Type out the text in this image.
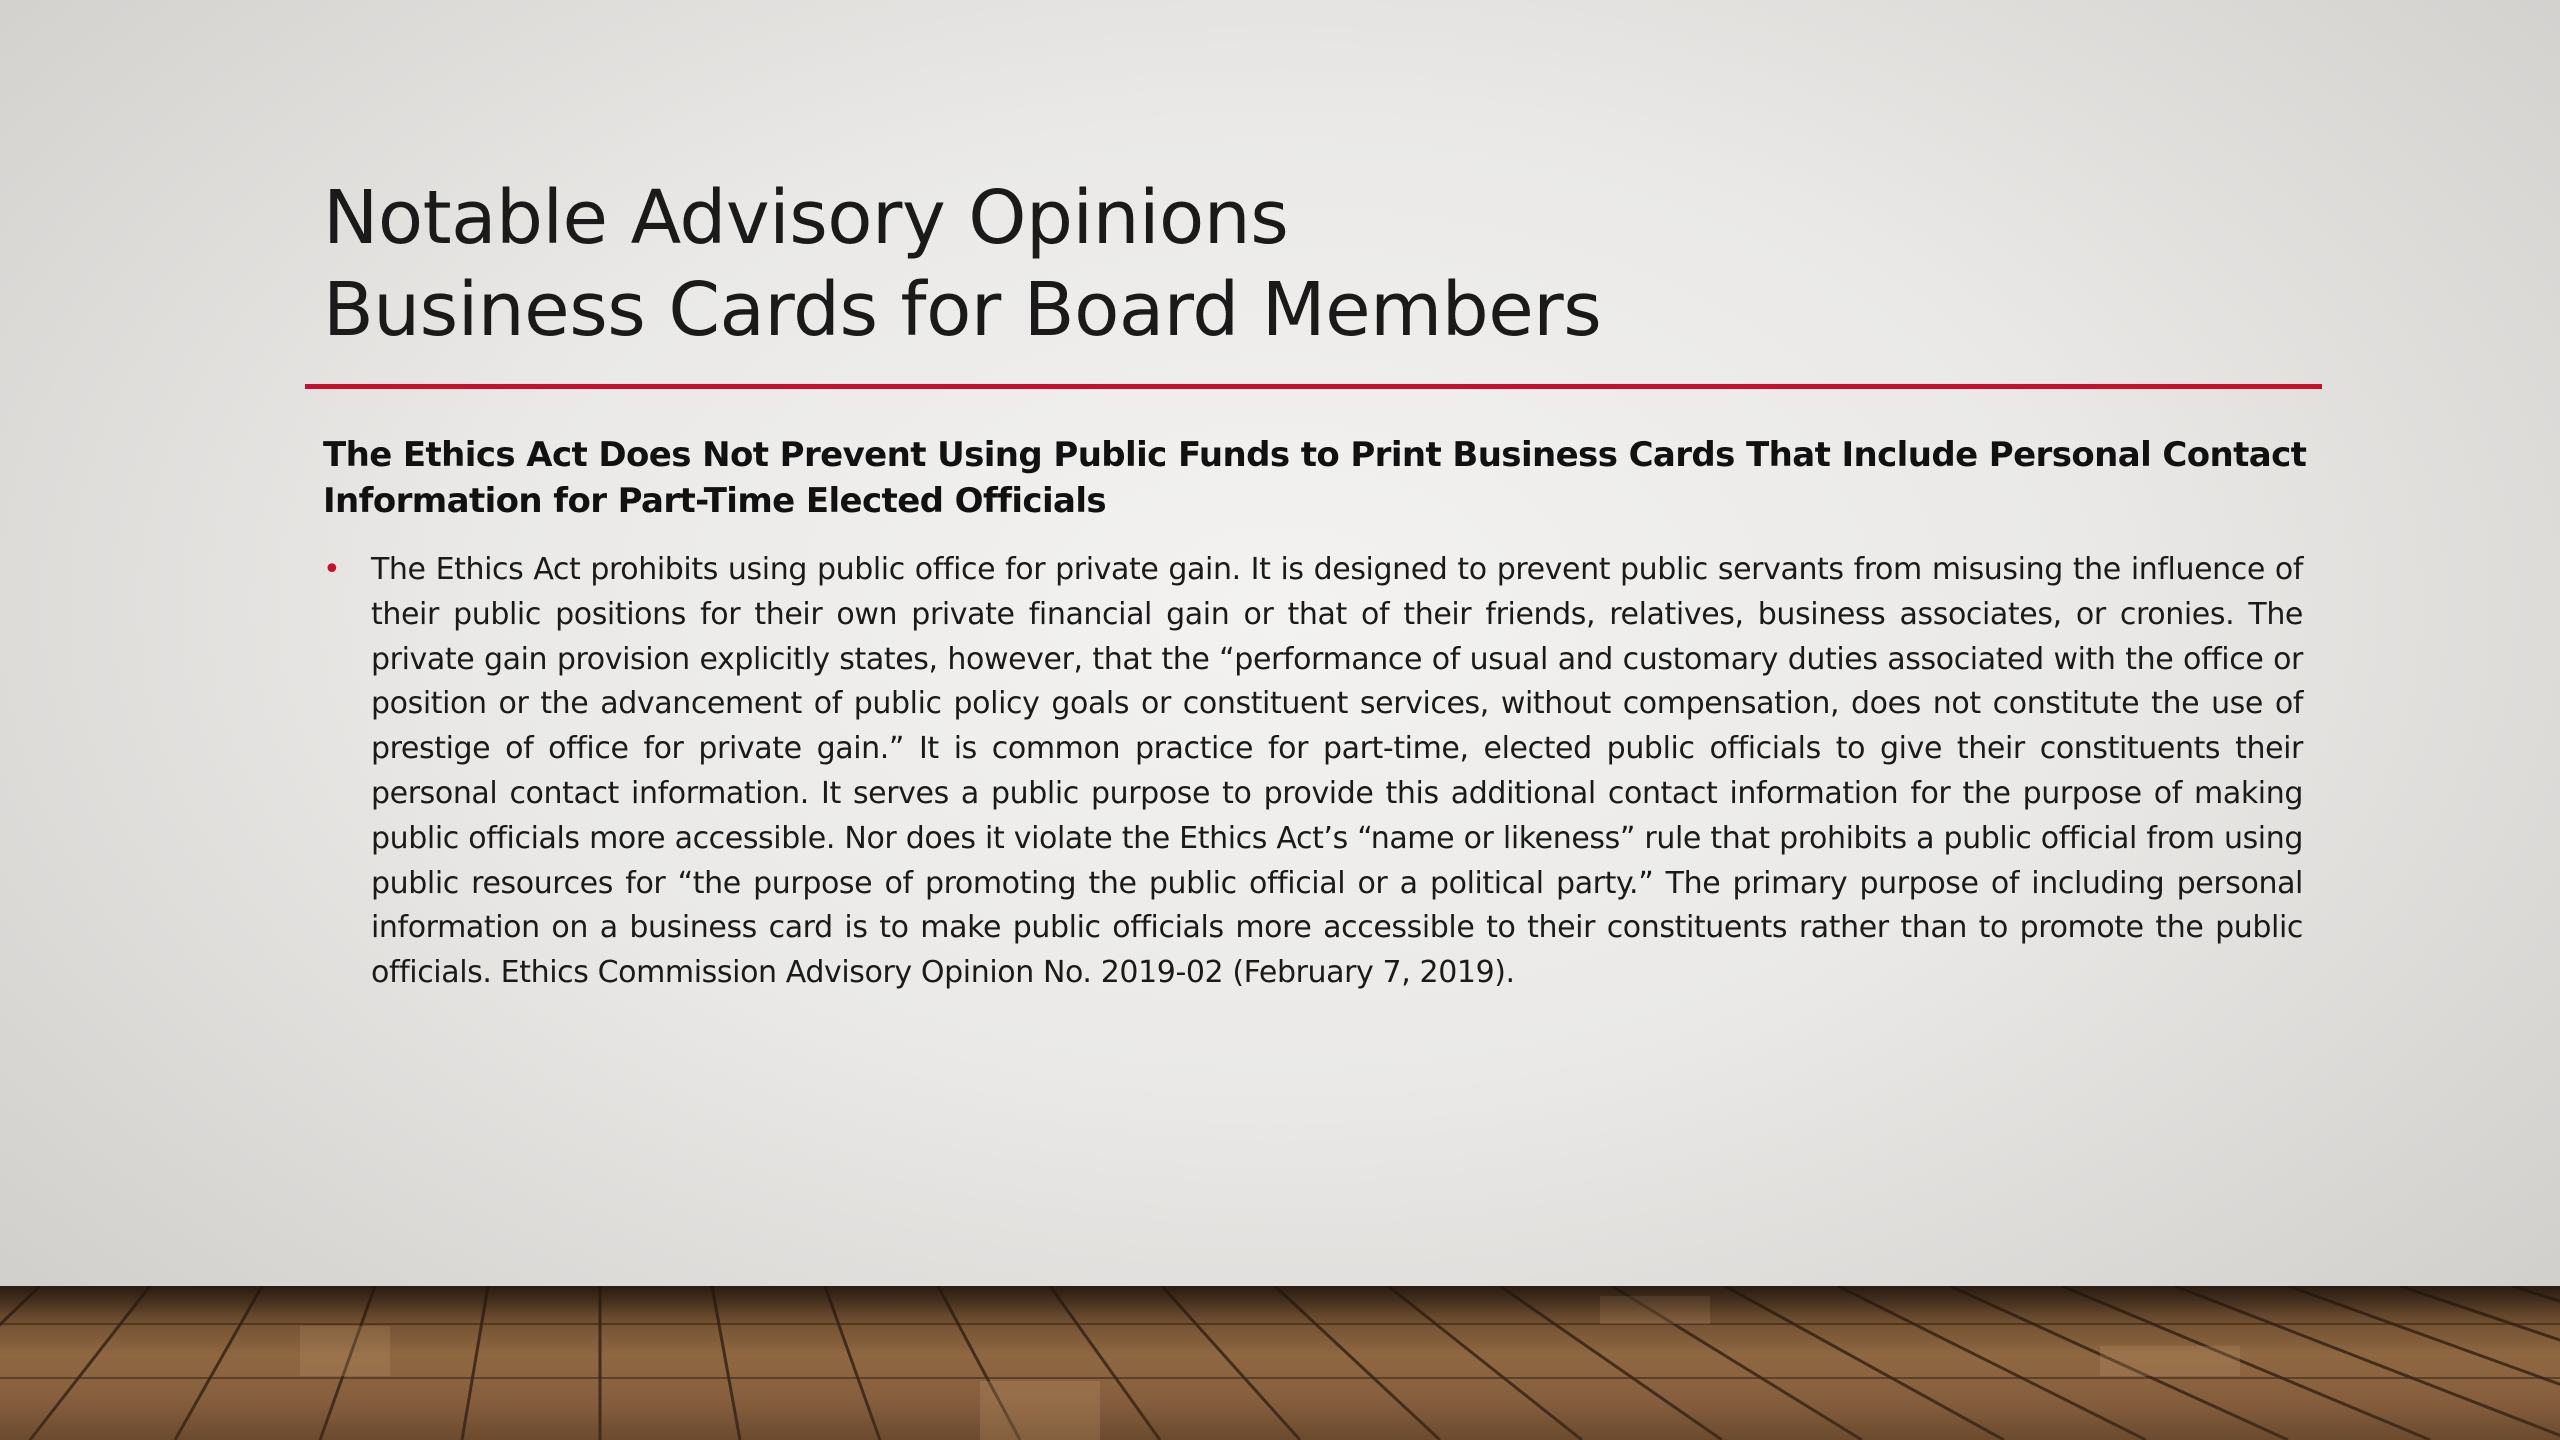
Notable Advisory Opinions
Business Cards for Board Members
The Ethics Act Does Not Prevent Using Public Funds to Print Business Cards That Include Personal Contact Information for Part-Time Elected Officials
• The Ethics Act prohibits using public office for private gain. It is designed to prevent public servants from misusing the influence of their public positions for their own private financial gain or that of their friends, relatives, business associates, or cronies. The private gain provision explicitly states, however, that the “performance of usual and customary duties associated with the office or position or the advancement of public policy goals or constituent services, without compensation, does not constitute the use of prestige of office for private gain.” It is common practice for part-time, elected public officials to give their constituents their personal contact information. It serves a public purpose to provide this additional contact information for the purpose of making public officials more accessible. Nor does it violate the Ethics Act’s “name or likeness” rule that prohibits a public official from using public resources for “the purpose of promoting the public official or a political party.” The primary purpose of including personal information on a business card is to make public officials more accessible to their constituents rather than to promote the public officials. Ethics Commission Advisory Opinion No. 2019-02 (February 7, 2019).
